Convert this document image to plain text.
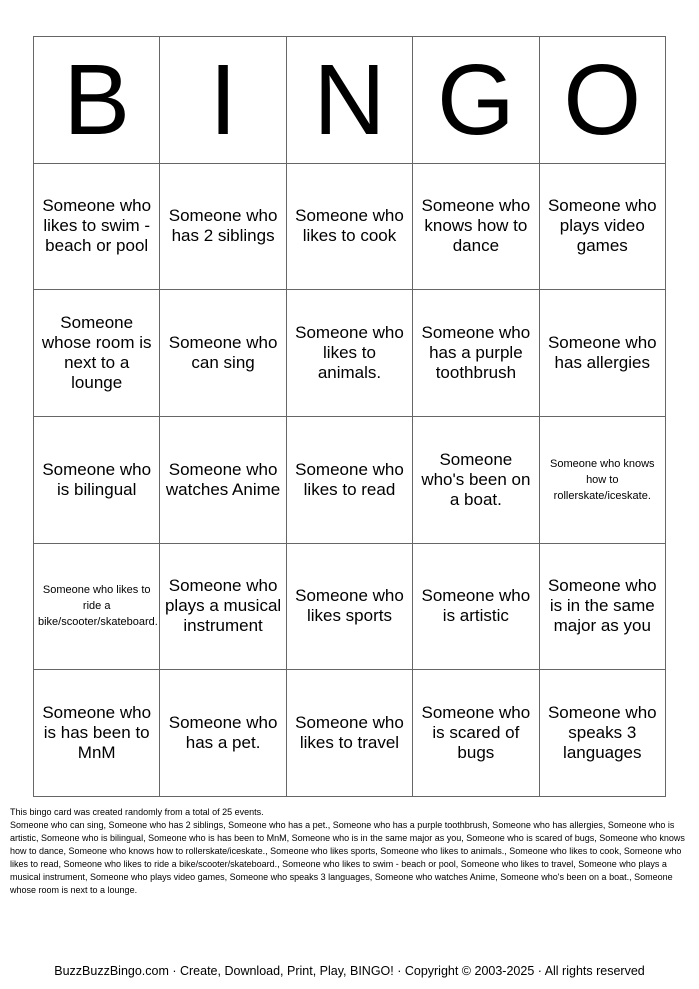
B	I	N	G	O
Someone who likes to swim - beach or pool	Someone who has 2 siblings	Someone who likes to cook	Someone who knows how to dance	Someone who plays video games
Someone whose room is next to a lounge	Someone who can sing	Someone who likes to animals.	Someone who has a purple toothbrush	Someone who has allergies
Someone who is bilingual	Someone who watches Anime	Someone who likes to read	Someone who's been on a boat.	Someone who knows how to rollerskate/iceskate.
Someone who likes to ride a bike/scooter/skateboard.	Someone who plays a musical instrument	Someone who likes sports	Someone who is artistic	Someone who is in the same major as you
Someone who is has been to MnM	Someone who has a pet.	Someone who likes to travel	Someone who is scared of bugs	Someone who speaks 3 languages

This bingo card was created randomly from a total of 25 events.

Someone who can sing, Someone who has 2 siblings, Someone who has a pet., Someone who has a purple toothbrush, Someone who has allergies, Someone who is artistic, Someone who is bilingual, Someone who is has been to MnM, Someone who is in the same major as you, Someone who is scared of bugs, Someone who knows how to dance, Someone who knows how to rollerskate/iceskate., Someone who likes sports, Someone who likes to animals., Someone who likes to cook, Someone who likes to read, Someone who likes to ride a bike/scooter/skateboard., Someone who likes to swim - beach or pool, Someone who likes to travel, Someone who plays a musical instrument, Someone who plays video games, Someone who speaks 3 languages, Someone who watches Anime, Someone who's been on a boat., Someone whose room is next to a lounge.

BuzzBuzzBingo.com · Create, Download, Print, Play, BINGO! · Copyright © 2003-2025 · All rights reserved
